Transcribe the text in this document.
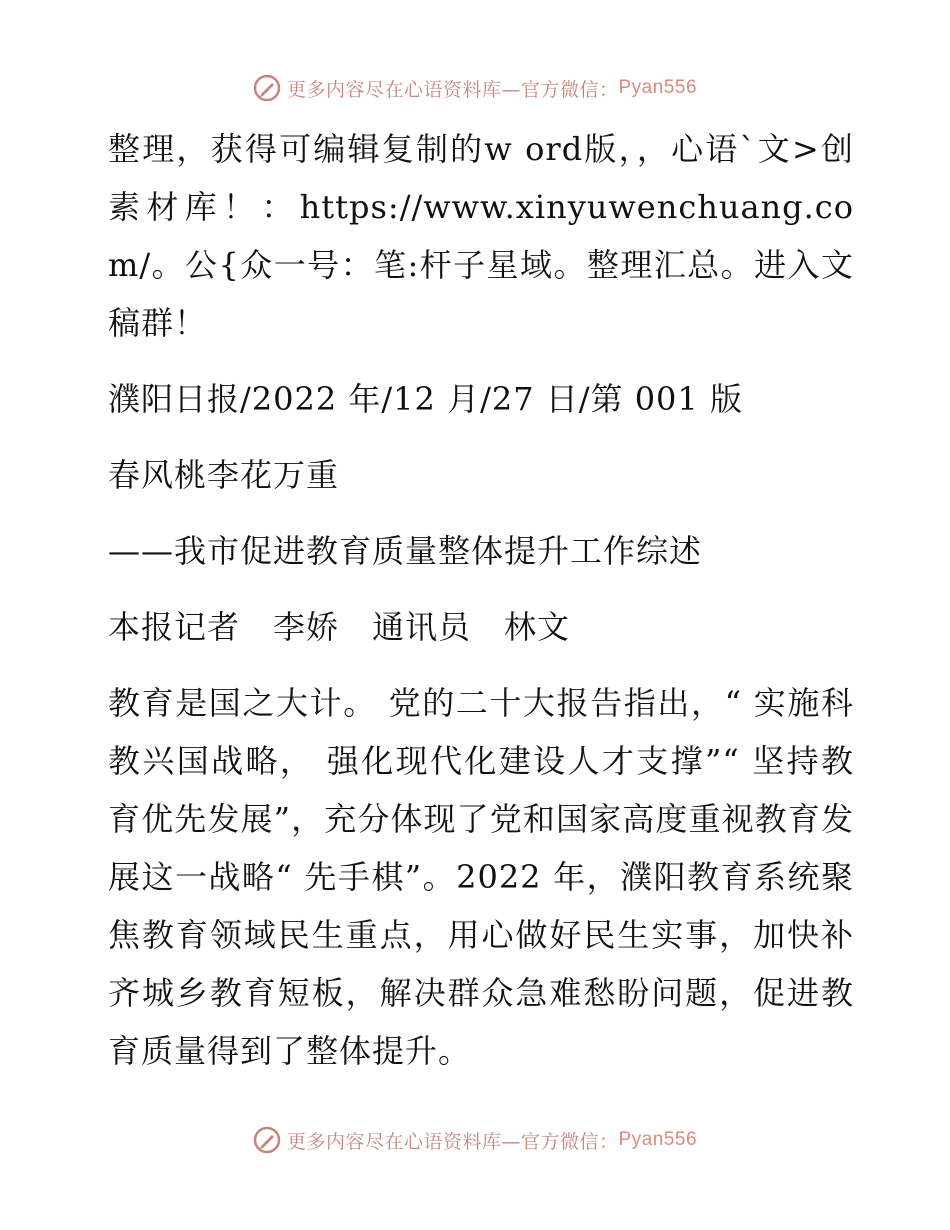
更多内容尽在心语资料库—官方微信： Pyan556

整理，获得可编辑复制的w ord版，，心语`文>创素材库！：https://www.xinyuwenchuang.com/。公{众一号：笔:杆子星域。整理汇总。进入文稿群！

濮阳日报/2022 年/12 月/27 日/第 001 版

春风桃李花万重

——我市促进教育质量整体提升工作综述

本报记者　李娇　通讯员　林文

教育是国之大计。 党的二十大报告指出，“ 实施科教兴国战略， 强化现代化建设人才支撑”“ 坚持教育优先发展”，充分体现了党和国家高度重视教育发展这一战略“ 先手棋”。2022 年，濮阳教育系统聚焦教育领域民生重点，用心做好民生实事，加快补齐城乡教育短板，解决群众急难愁盼问题，促进教育质量得到了整体提升。

更多内容尽在心语资料库—官方微信： Pyan556
